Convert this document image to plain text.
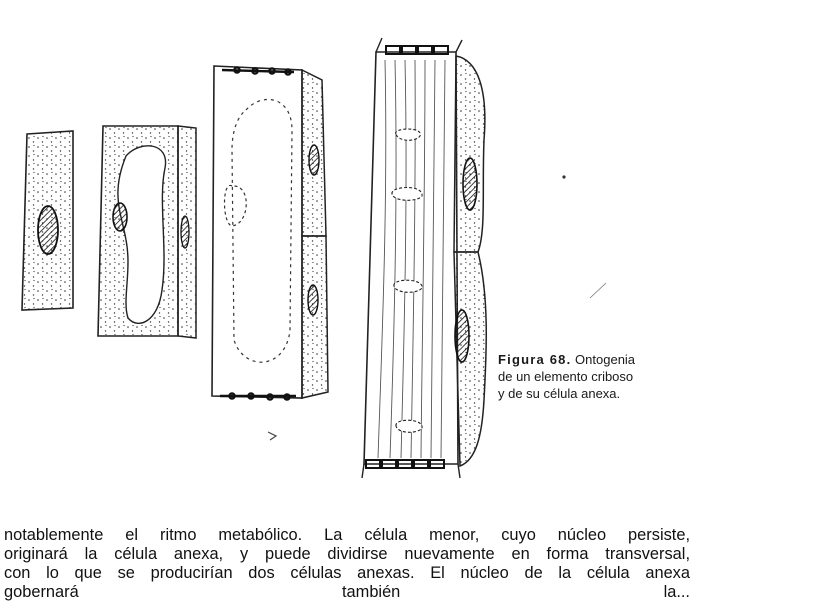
Figura 68. Ontogenia
de un elemento criboso
y de su célula anexa.
notablemente el ritmo metabólico. La célula menor, cuyo núcleo persiste,
originará la célula anexa, y puede dividirse nuevamente en forma transversal,
con lo que se producirían dos células anexas. El núcleo de la célula anexa
gobernará también la...
